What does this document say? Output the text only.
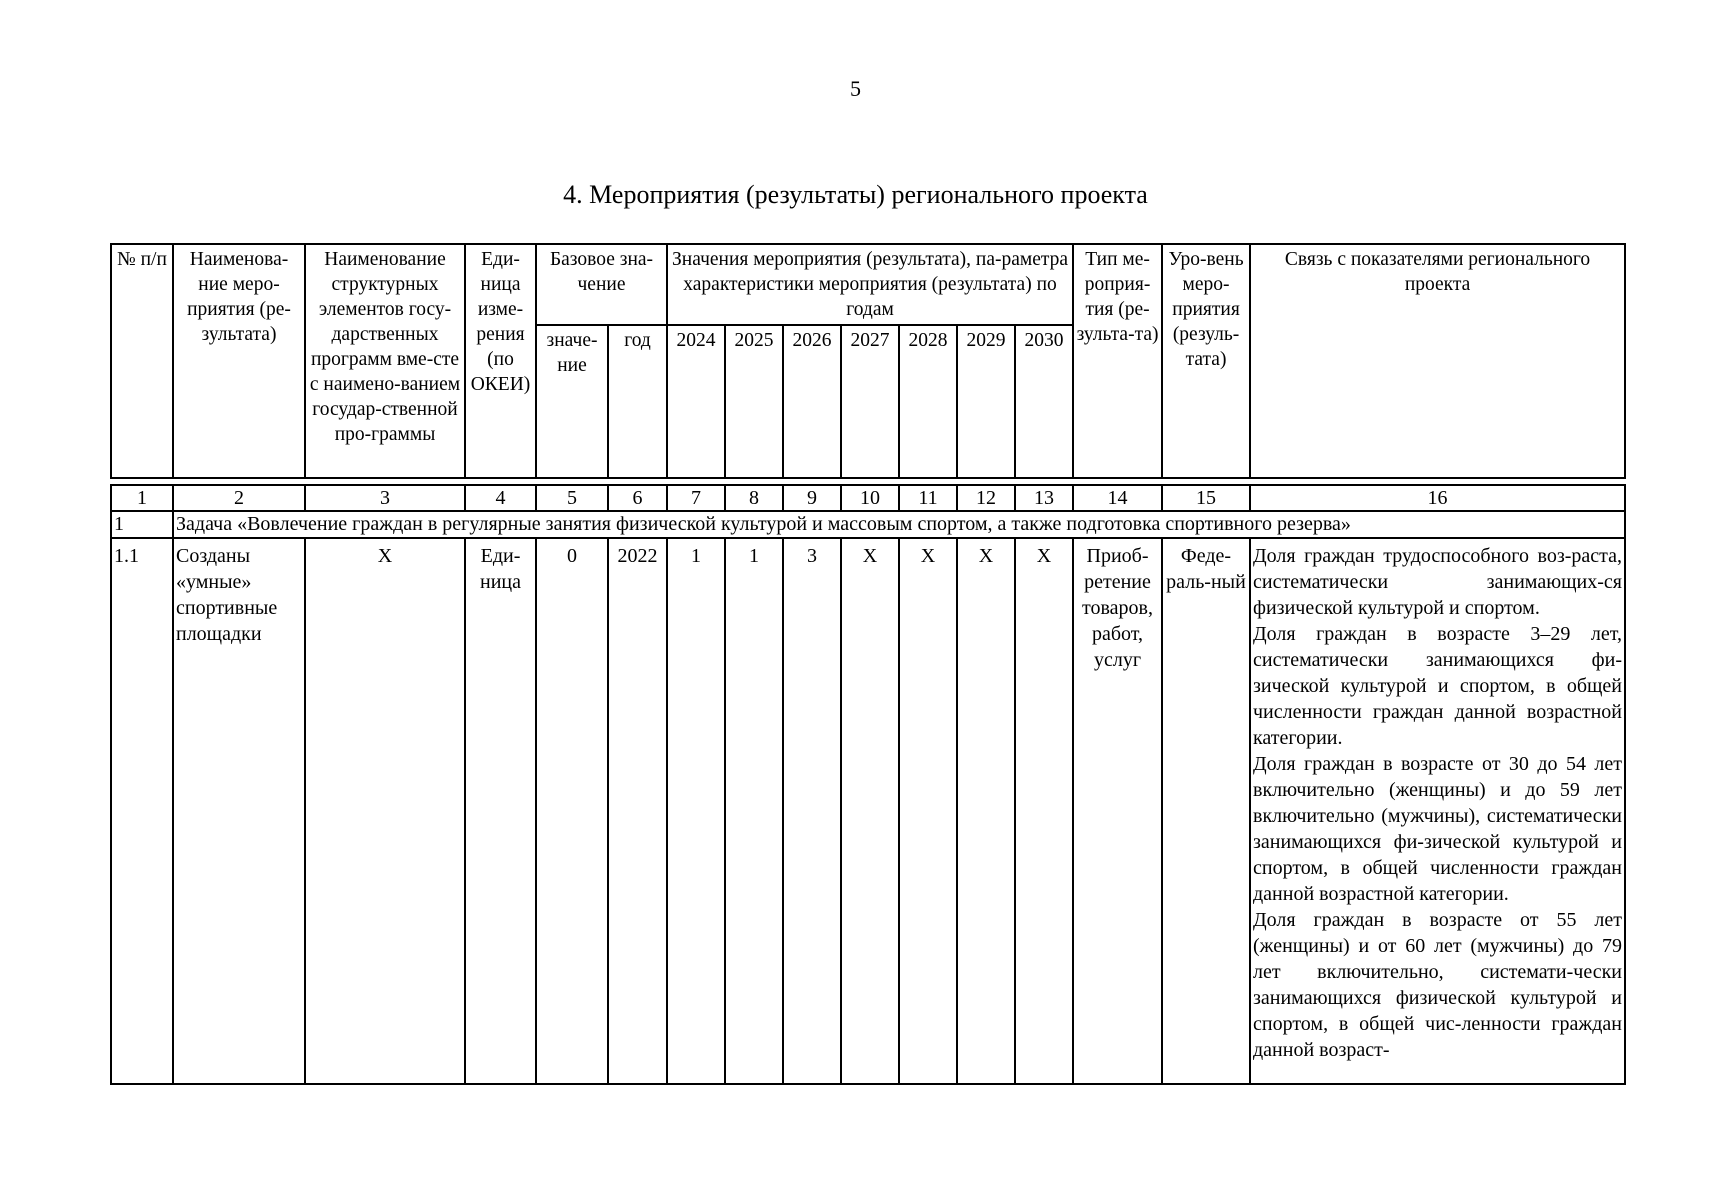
5
4. Мероприятия (результаты) регионального проекта
№ п/п	Наименова-ние меро-приятия (ре-зультата)	Наименование структурных элементов госу-дарственных программ вме-сте с наимено-ванием государ-ственной про-граммы	Еди-ница изме-рения (по ОКЕИ)	Базовое зна-чение		Значения мероприятия (результата), па-раметра характеристики мероприятия (результата) по годам							Тип ме-роприя-тия (ре-зульта-та)	Уро-вень меро-приятия (резуль-тата)	Связь с показателями регионального проекта
				значе-ние	год	2024	2025	2026	2027	2028	2029	2030			
1	2	3	4	5	6	7	8	9	10	11	12	13	14	15	16
1	Задача «Вовлечение граждан в регулярные занятия физической культурой и массовым спортом, а также подготовка спортивного резерва»														
1.1	Созданы «умные» спортивные площадки	X	Еди-ница	0	2022	1	1	3	X	X	X	X	Приоб-ретение товаров, работ, услуг	Феде-раль-ный	Доля граждан трудоспособного воз-раста, систематически занимающих-ся физической культурой и спортом.
Доля граждан в возрасте 3–29 лет, систематически занимающихся фи-зической культурой и спортом, в общей численности граждан данной возрастной категории.
Доля граждан в возрасте от 30 до 54 лет включительно (женщины) и до 59 лет включительно (мужчины), систематически занимающихся фи-зической культурой и спортом, в общей численности граждан данной возрастной категории.
Доля граждан в возрасте от 55 лет (женщины) и от 60 лет (мужчины) до 79 лет включительно, системати-чески занимающихся физической культурой и спортом, в общей чис-ленности граждан данной возраст-
